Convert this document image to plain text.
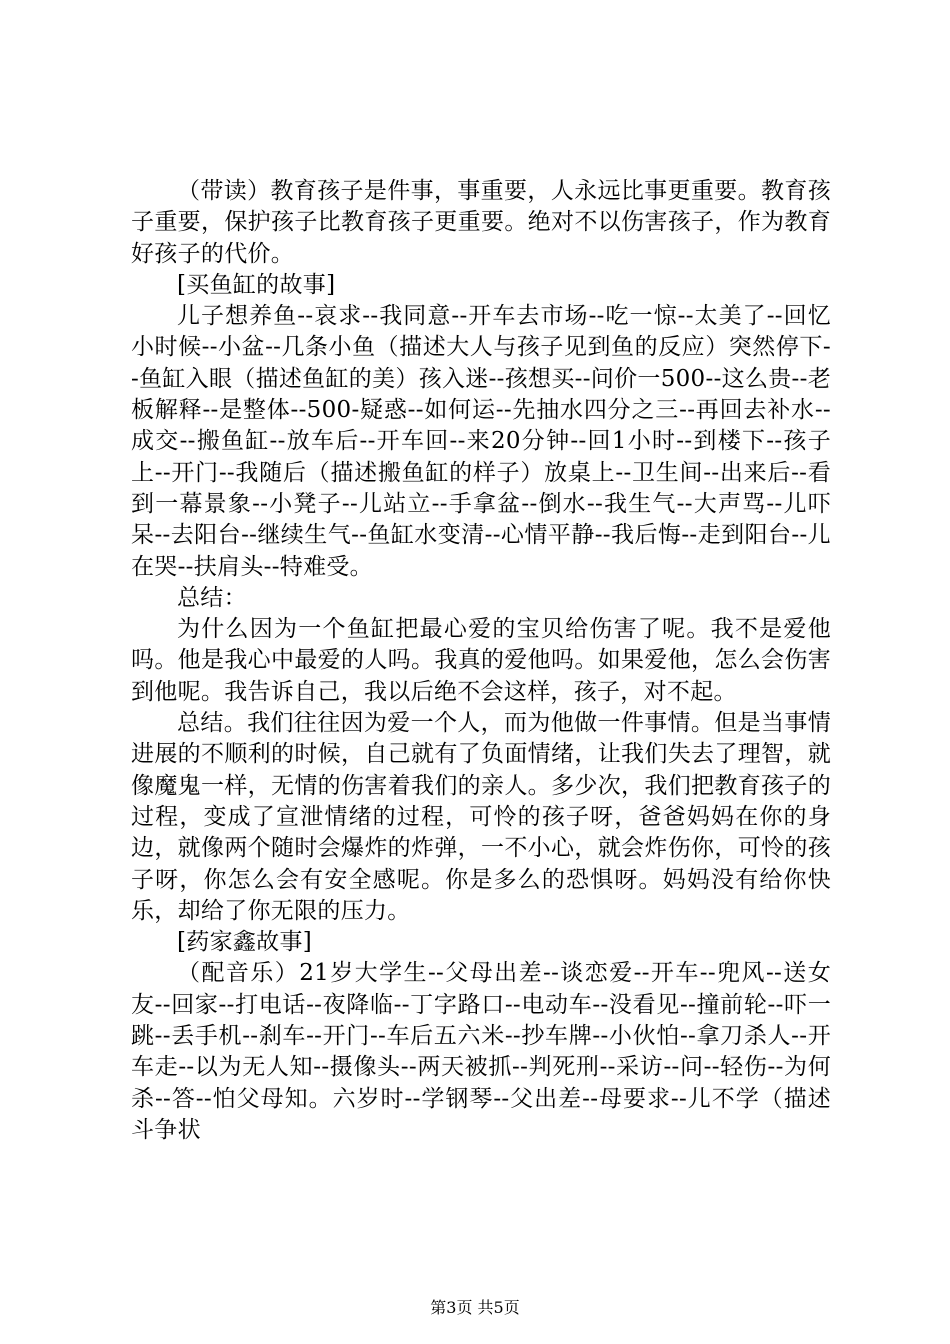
（带读）教育孩子是件事，事重要，人永远比事更重要。教育孩子重要，保护孩子比教育孩子更重要。绝对不以伤害孩子，作为教育好孩子的代价。

[买鱼缸的故事]

儿子想养鱼--哀求--我同意--开车去市场--吃一惊--太美了--回忆小时候--小盆--几条小鱼（描述大人与孩子见到鱼的反应）突然停下--鱼缸入眼（描述鱼缸的美）孩入迷--孩想买--问价一500--这么贵--老板解释--是整体--500-疑惑--如何运--先抽水四分之三--再回去补水--成交--搬鱼缸--放车后--开车回--来20分钟--回1小时--到楼下--孩子上--开门--我随后（描述搬鱼缸的样子）放桌上--卫生间--出来后--看到一幕景象--小凳子--儿站立--手拿盆--倒水--我生气--大声骂--儿吓呆--去阳台--继续生气--鱼缸水变清--心情平静--我后悔--走到阳台--儿在哭--扶肩头--特难受。

总结：

为什么因为一个鱼缸把最心爱的宝贝给伤害了呢。我不是爱他吗。他是我心中最爱的人吗。我真的爱他吗。如果爱他，怎么会伤害到他呢。我告诉自己，我以后绝不会这样，孩子，对不起。

总结。我们往往因为爱一个人，而为他做一件事情。但是当事情进展的不顺利的时候，自己就有了负面情绪，让我们失去了理智，就像魔鬼一样，无情的伤害着我们的亲人。多少次，我们把教育孩子的过程，变成了宣泄情绪的过程，可怜的孩子呀，爸爸妈妈在你的身边，就像两个随时会爆炸的炸弹，一不小心，就会炸伤你，可怜的孩子呀，你怎么会有安全感呢。你是多么的恐惧呀。妈妈没有给你快乐，却给了你无限的压力。

[药家鑫故事]

（配音乐）21岁大学生--父母出差--谈恋爱--开车--兜风--送女友--回家--打电话--夜降临--丁字路口--电动车--没看见--撞前轮--吓一跳--丢手机--刹车--开门--车后五六米--抄车牌--小伙怕--拿刀杀人--开车走--以为无人知--摄像头--两天被抓--判死刑--采访--问--轻伤--为何杀--答--怕父母知。六岁时--学钢琴--父出差--母要求--儿不学（描述斗争状

第3页 共5页
